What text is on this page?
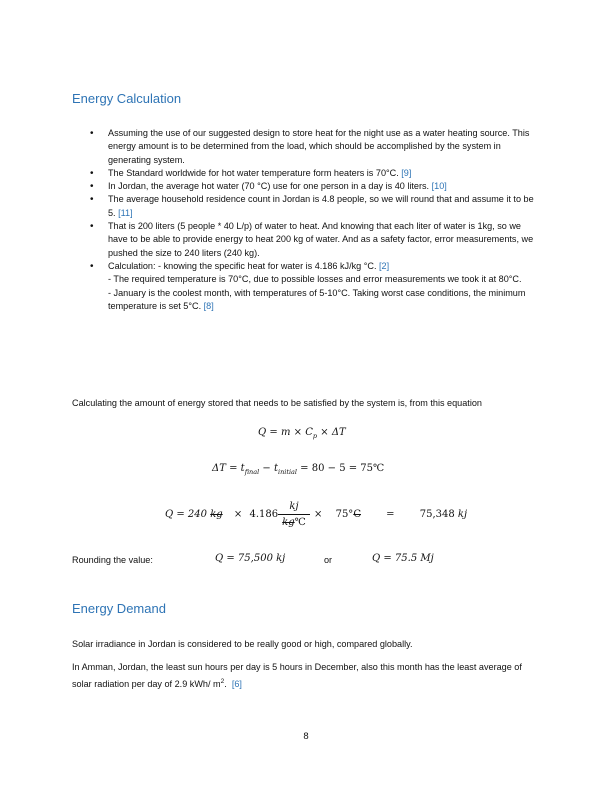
Energy Calculation
• Assuming the use of our suggested design to store heat for the night use as a water heating source. This energy amount is to be determined from the load, which should be accomplished by the system in generating system.
• The Standard worldwide for hot water temperature form heaters is 70°C. [9]
• In Jordan, the average hot water (70 °C) use for one person in a day is 40 liters. [10]
• The average household residence count in Jordan is 4.8 people, so we will round that and assume it to be 5. [11]
• That is 200 liters (5 people * 40 L/p) of water to heat. And knowing that each liter of water is 1kg, so we have to be able to provide energy to heat 200 kg of water. And as a safety factor, error measurements, we pushed the size to 240 liters (240 kg).
• Calculation: - knowing the specific heat for water is 4.186 kJ/kg °C. [2]
- The required temperature is 70°C, due to possible losses and error measurements we took it at 80°C.
- January is the coolest month, with temperatures of 5-10°C. Taking worst case conditions, the minimum temperature is set 5°C. [8]
Calculating the amount of energy stored that needs to be satisfied by the system is, from this equation
$Q = m \times C_p \times \Delta T$
$\Delta T = t_{final} - t_{initial} = 80 - 5$ = 75℃
Q = 240 kg × 4.186
kj
kg℃
× 75°C	=	75,348 kj
Rounding the value:	Q = 75,500 kj	or	Q = 75.5 Mj
Energy Demand
Solar irradiance in Jordan is considered to be really good or high, compared globally.
In Amman, Jordan, the least sun hours per day is 5 hours in December, also this month has the least average of solar radiation per day of 2.9 kWh/ $m^2$. [6]
8
